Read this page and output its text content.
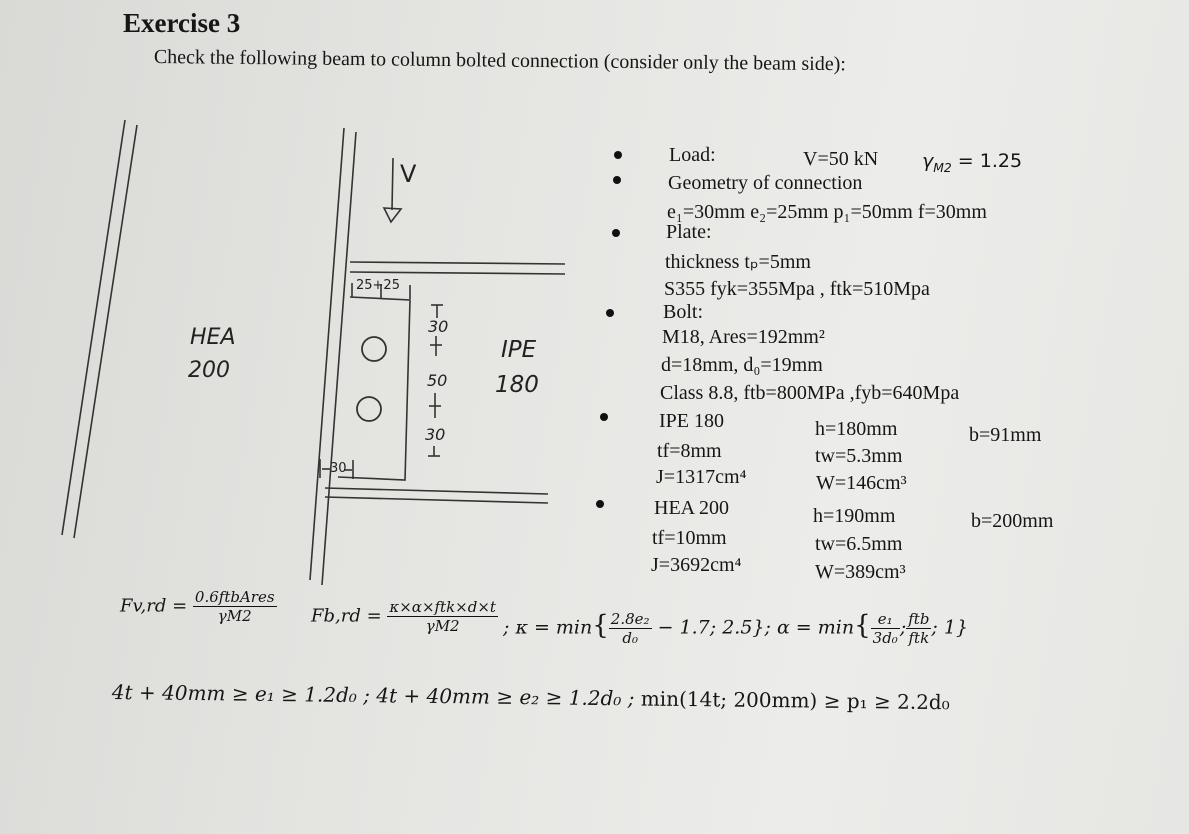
Exercise 3
Check the following beam to column bolted connection (consider only the beam side):
V
HEA
200
IPE
180
25+25
30
30
50
30
Load:	V=50 kN $\gamma_{M2} = 1.25$
Geometry of connection
e₁=30mm e₂=25mm p₁=50mm f=30mm
Plate:
thickness tₚ=5mm
S355 fyk=355Mpa , ftk=510Mpa
Bolt:
M18, Ares=192mm²
d=18mm, d₀=19mm
Class 8.8, ftb=800MPa ,fyb=640Mpa
IPE 180	h=180mm	b=91mm
tf=8mm	tw=5.3mm
J=1317cm⁴	W=146cm³
HEA 200	h=190mm	b=200mm
tf=10mm	tw=6.5mm
J=3692cm⁴	W=389cm³
$Fv,rd = \frac{\text{0.6ftbAres}}{\gamma M2} Fb,rd = \frac{\text{κ×α×ftk×d×t}}{\gamma M2}$ ; $\kappa = \min\{ \frac{\text{2.8e₂}}{\text{d₀}} - 1.7$; 2.5}; $\alpha = \min\{ \frac{\text{e₁}}{\text{3d₀}}$ ; $\frac{\text{ftb}}{\text{ftk}}$ ; 1}
4t + 40mm ≥ e₁ ≥ 1.2d₀ ; 4t + 40mm ≥ e₂ ≥ 1.2d₀ ; min(14t; 200mm) ≥ p₁ ≥ 2.2d₀
